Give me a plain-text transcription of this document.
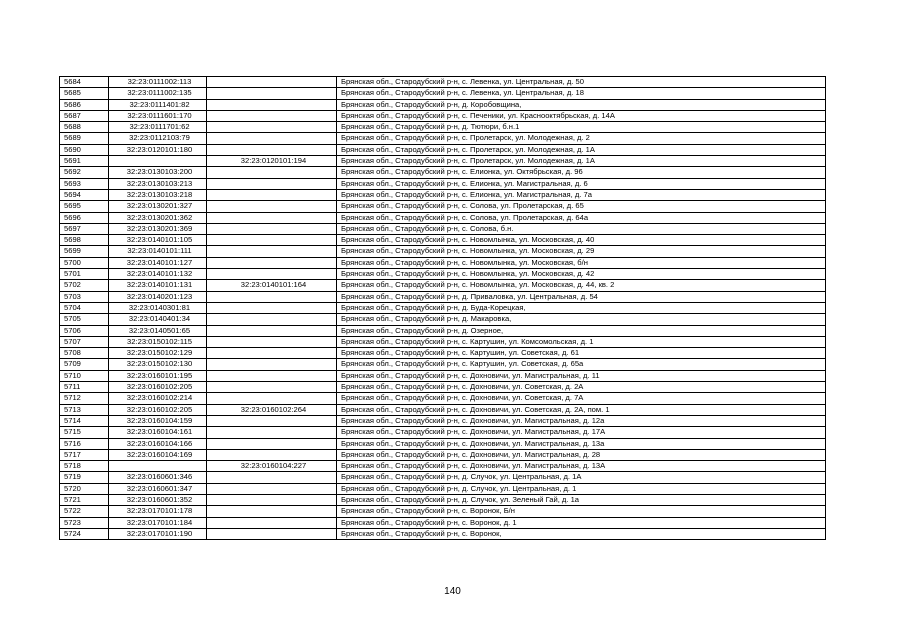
5684	32:23:0111002:113		Брянская обл., Стародубский р-н, с. Левенка, ул. Центральная, д. 50
5685	32:23:0111002:135		Брянская обл., Стародубский р-н, с. Левенка, ул. Центральная, д. 18
5686	32:23:0111401:82		Брянская обл., Стародубский р-н, д. Коробовщина,
5687	32:23:0111601:170		Брянская обл., Стародубский р-н, с. Печеники, ул. Красноoктябрьская, д. 14А
5688	32:23:0111701:62		Брянская обл., Стародубский р-н, д. Тютюри, б.н.1
5689	32:23:0112103:79		Брянская обл., Стародубский р-н, с. Пролетарск, ул. Молодежная, д. 2
5690	32:23:0120101:180		Брянская обл., Стародубский р-н, с. Пролетарск, ул. Молодежная, д. 1А
5691		32:23:0120101:194	Брянская обл., Стародубский р-н, с. Пролетарск, ул. Молодежная, д. 1А
5692	32:23:0130103:200		Брянская обл., Стародубский р-н, с. Елионка, ул. Октябрьская, д. 96
5693	32:23:0130103:213		Брянская обл., Стародубский р-н, с. Елионка, ул. Магистральная, д. 6
5694	32:23:0130103:218		Брянская обл., Стародубский р-н, с. Елионка, ул. Магистральная, д. 7а
5695	32:23:0130201:327		Брянская обл., Стародубский р-н, с. Солова, ул. Пролетарская, д. 65
5696	32:23:0130201:362		Брянская обл., Стародубский р-н, с. Солова, ул. Пролетарская, д. 64а
5697	32:23:0130201:369		Брянская обл., Стародубский р-н, с. Солова, б.н.
5698	32:23:0140101:105		Брянская обл., Стародубский р-н, с. Новомлынка, ул. Московская, д. 40
5699	32:23:0140101:111		Брянская обл., Стародубский р-н, с. Новомлынка, ул. Московская, д. 29
5700	32:23:0140101:127		Брянская обл., Стародубский р-н, с. Новомлынка, ул. Московская, б/н
5701	32:23:0140101:132		Брянская обл., Стародубский р-н, с. Новомлынка, ул. Московская, д. 42
5702	32:23:0140101:131	32:23:0140101:164	Брянская обл., Стародубский р-н, с. Новомлынка, ул. Московская, д. 44, кв. 2
5703	32:23:0140201:123		Брянская обл., Стародубский р-н, д. Приваловка, ул. Центральная, д. 54
5704	32:23:0140301:81		Брянская обл., Стародубский р-н, д. Буда-Корецкая,
5705	32:23:0140401:34		Брянская обл., Стародубский р-н, д. Макаровка,
5706	32:23:0140501:65		Брянская обл., Стародубский р-н, д. Озерное,
5707	32:23:0150102:115		Брянская обл., Стародубский р-н, с. Картушин, ул. Комсомольская, д. 1
5708	32:23:0150102:129		Брянская обл., Стародубский р-н, с. Картушин, ул. Советская, д. 61
5709	32:23:0150102:130		Брянская обл., Стародубский р-н, с. Картушин, ул. Советская, д. 65а
5710	32:23:0160101:195		Брянская обл., Стародубский р-н, с. Дохновичи, ул. Магистральная, д. 11
5711	32:23:0160102:205		Брянская обл., Стародубский р-н, с. Дохновичи, ул. Советская, д. 2А
5712	32:23:0160102:214		Брянская обл., Стародубский р-н, с. Дохновичи, ул. Советская, д. 7А
5713	32:23:0160102:205	32:23:0160102:264	Брянская обл., Стародубский р-н, с. Дохновичи, ул. Советская, д. 2А, пом. 1
5714	32:23:0160104:159		Брянская обл., Стародубский р-н, с. Дохновичи, ул. Магистральная, д. 12а
5715	32:23:0160104:161		Брянская обл., Стародубский р-н, с. Дохновичи, ул. Магистральная, д. 17А
5716	32:23:0160104:166		Брянская обл., Стародубский р-н, с. Дохновичи, ул. Магистральная, д. 13а
5717	32:23:0160104:169		Брянская обл., Стародубский р-н, с. Дохновичи, ул. Магистральная, д. 28
5718		32:23:0160104:227	Брянская обл., Стародубский р-н, с. Дохновичи, ул. Магистральная, д. 13А
5719	32:23:0160601:346		Брянская обл., Стародубский р-н, д. Случок, ул. Центральная, д. 1А
5720	32:23:0160601:347		Брянская обл., Стародубский р-н, д. Случок, ул. Центральная, д. 1
5721	32:23:0160601:352		Брянская обл., Стародубский р-н, д. Случок, ул. Зеленый Гай, д. 1а
5722	32:23:0170101:178		Брянская обл., Стародубский р-н, с. Воронок, Б/н
5723	32:23:0170101:184		Брянская обл., Стародубский р-н, с. Воронок, д. 1
5724	32:23:0170101:190		Брянская обл., Стародубский р-н, с. Воронок,
140
